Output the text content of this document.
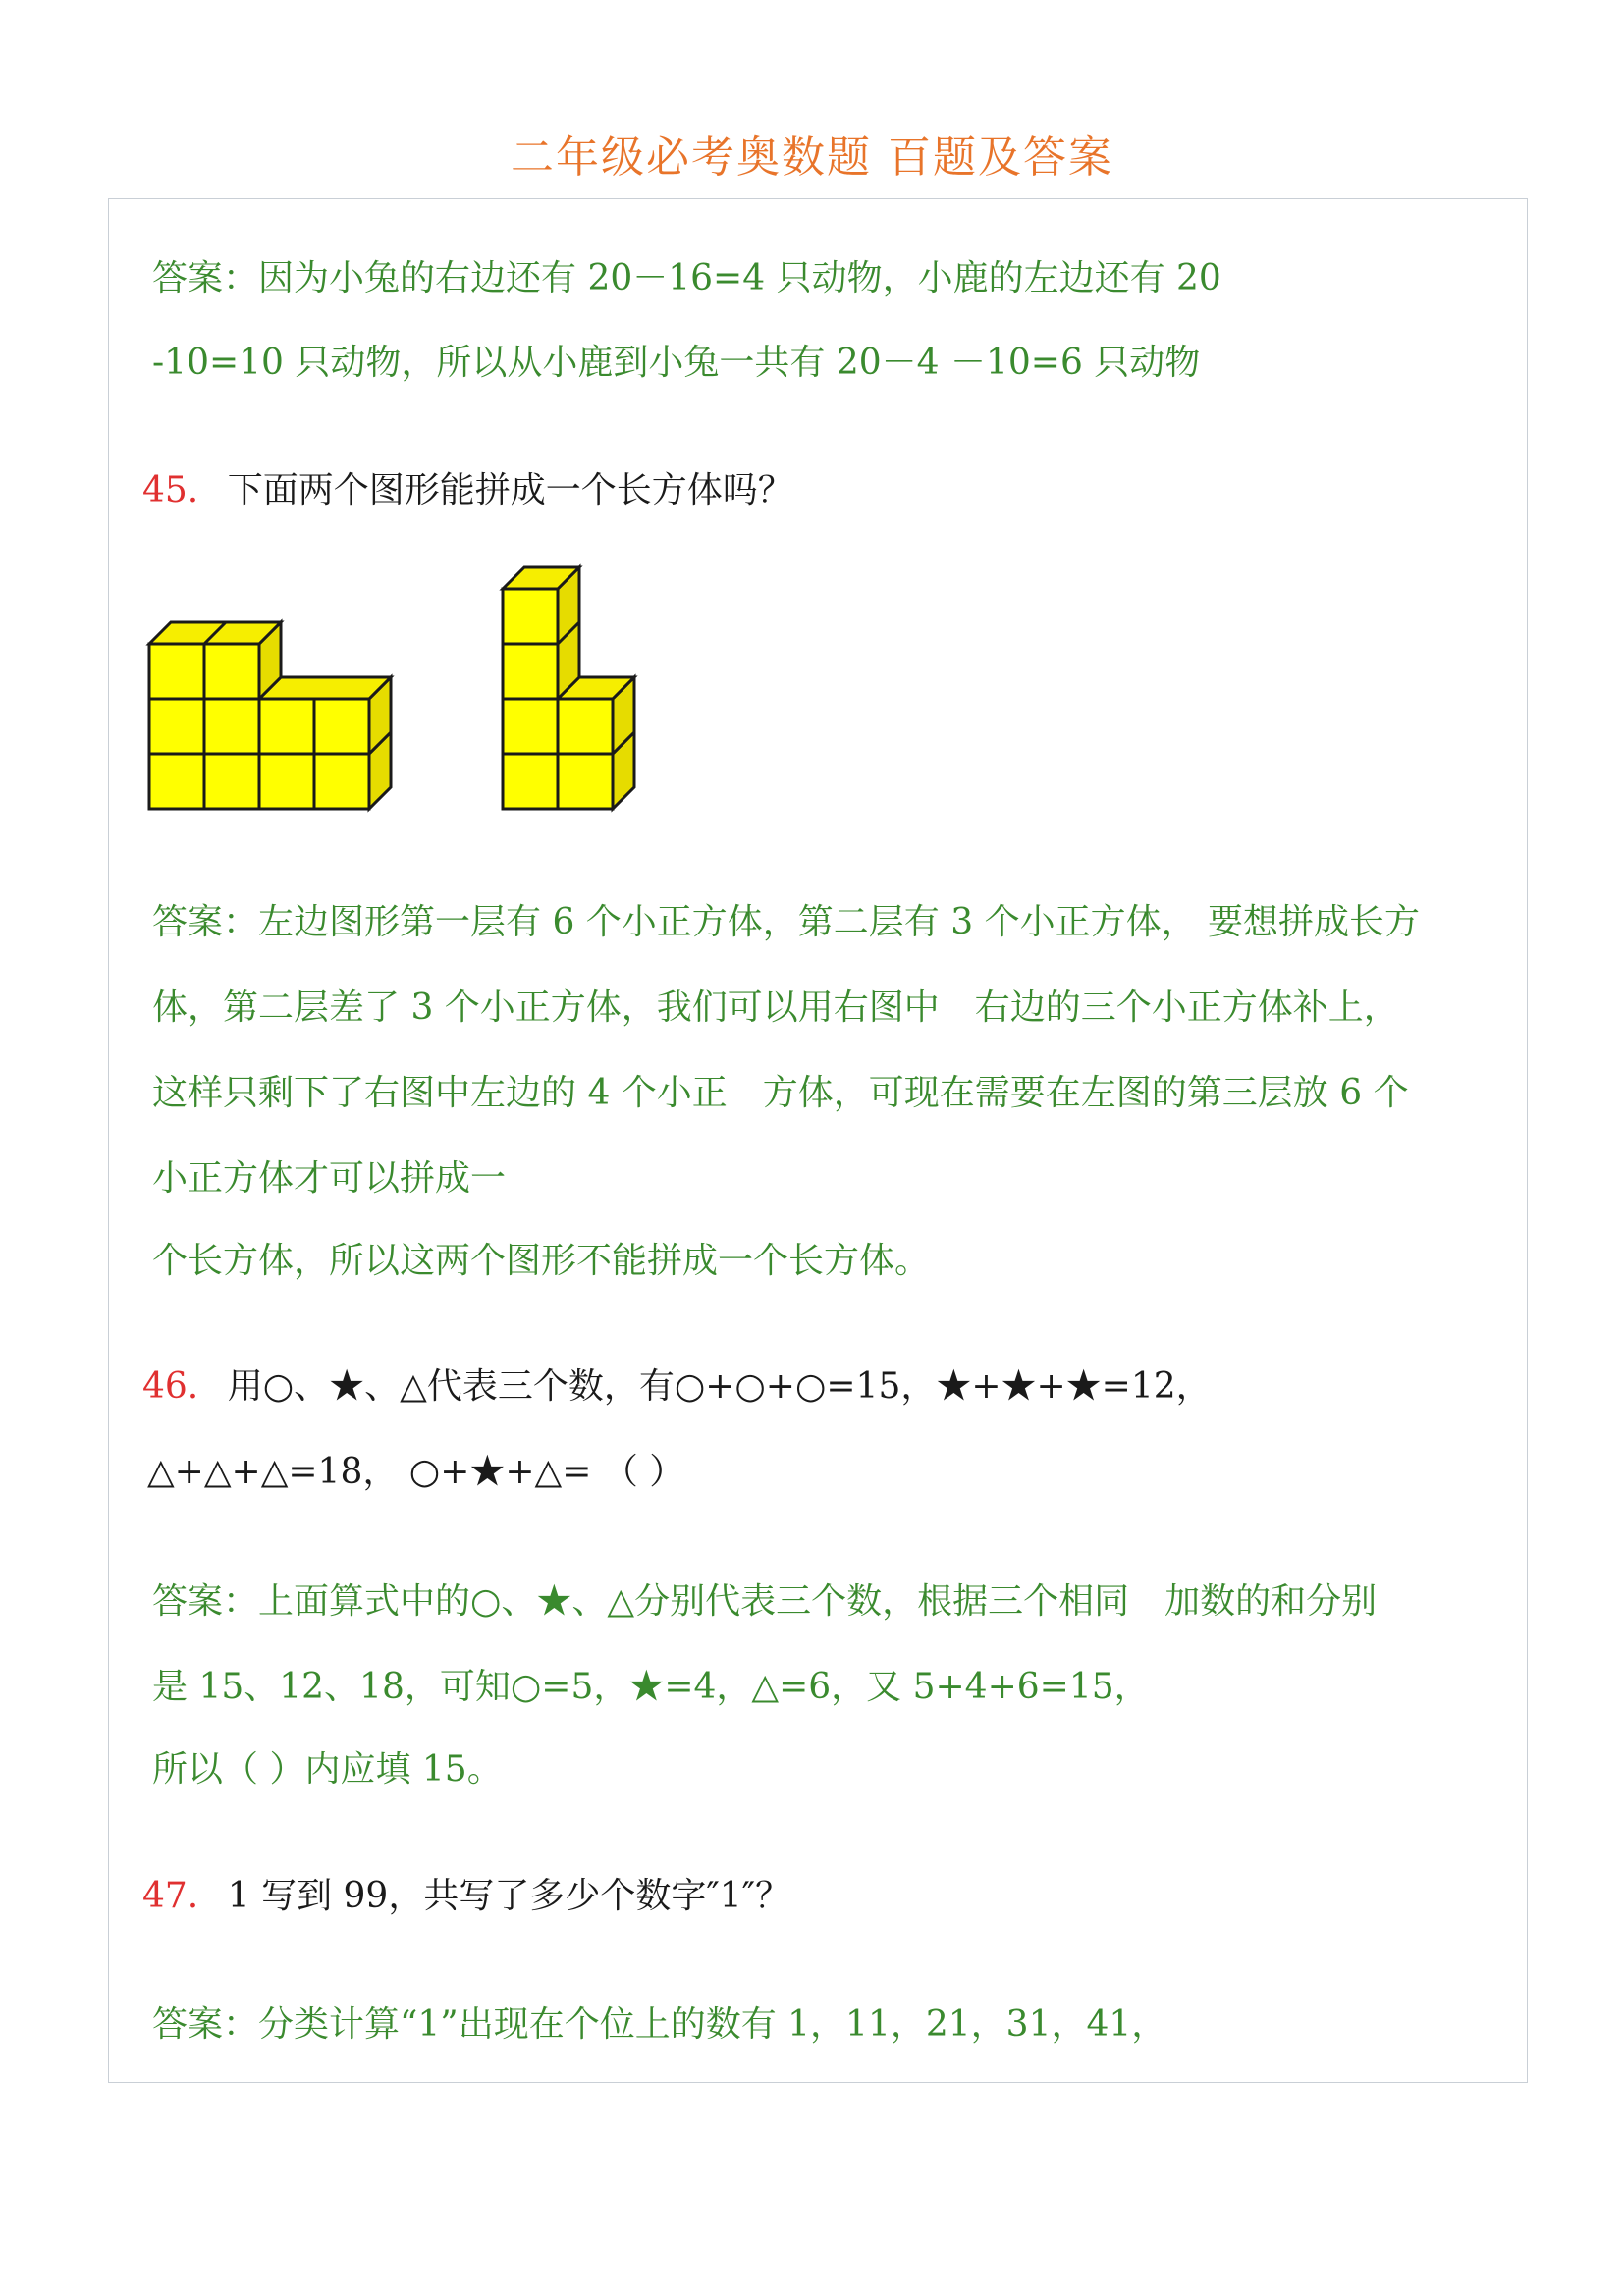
二年级必考奥数题 百题及答案
答案：因为小兔的右边还有 20－16=4 只动物，小鹿的左边还有 20
-10=10 只动物，所以从小鹿到小兔一共有 20－4 －10=6 只动物
45. 下面两个图形能拼成一个长方体吗？
答案：左边图形第一层有 6 个小正方体，第二层有 3 个小正方体， 要想拼成长方
体，第二层差了 3 个小正方体，我们可以用右图中　右边的三个小正方体补上，
这样只剩下了右图中左边的 4 个小正　方体，可现在需要在左图的第三层放 6 个
小正方体才可以拼成一
个长方体，所以这两个图形不能拼成一个长方体。
46. 用○、★、△代表三个数，有○+○+○=15，★+★+★=12，
△+△+△=18， ○+★+△= （ ）
答案：上面算式中的○、★、△分别代表三个数，根据三个相同　加数的和分别
是 15、12、18，可知○=5，★=4，△=6，又 5+4+6=15，
所以（ ）内应填 15。
47. 1 写到 99，共写了多少个数字″1″？
答案：分类计算“1”出现在个位上的数有 1，11，21，31，41，
